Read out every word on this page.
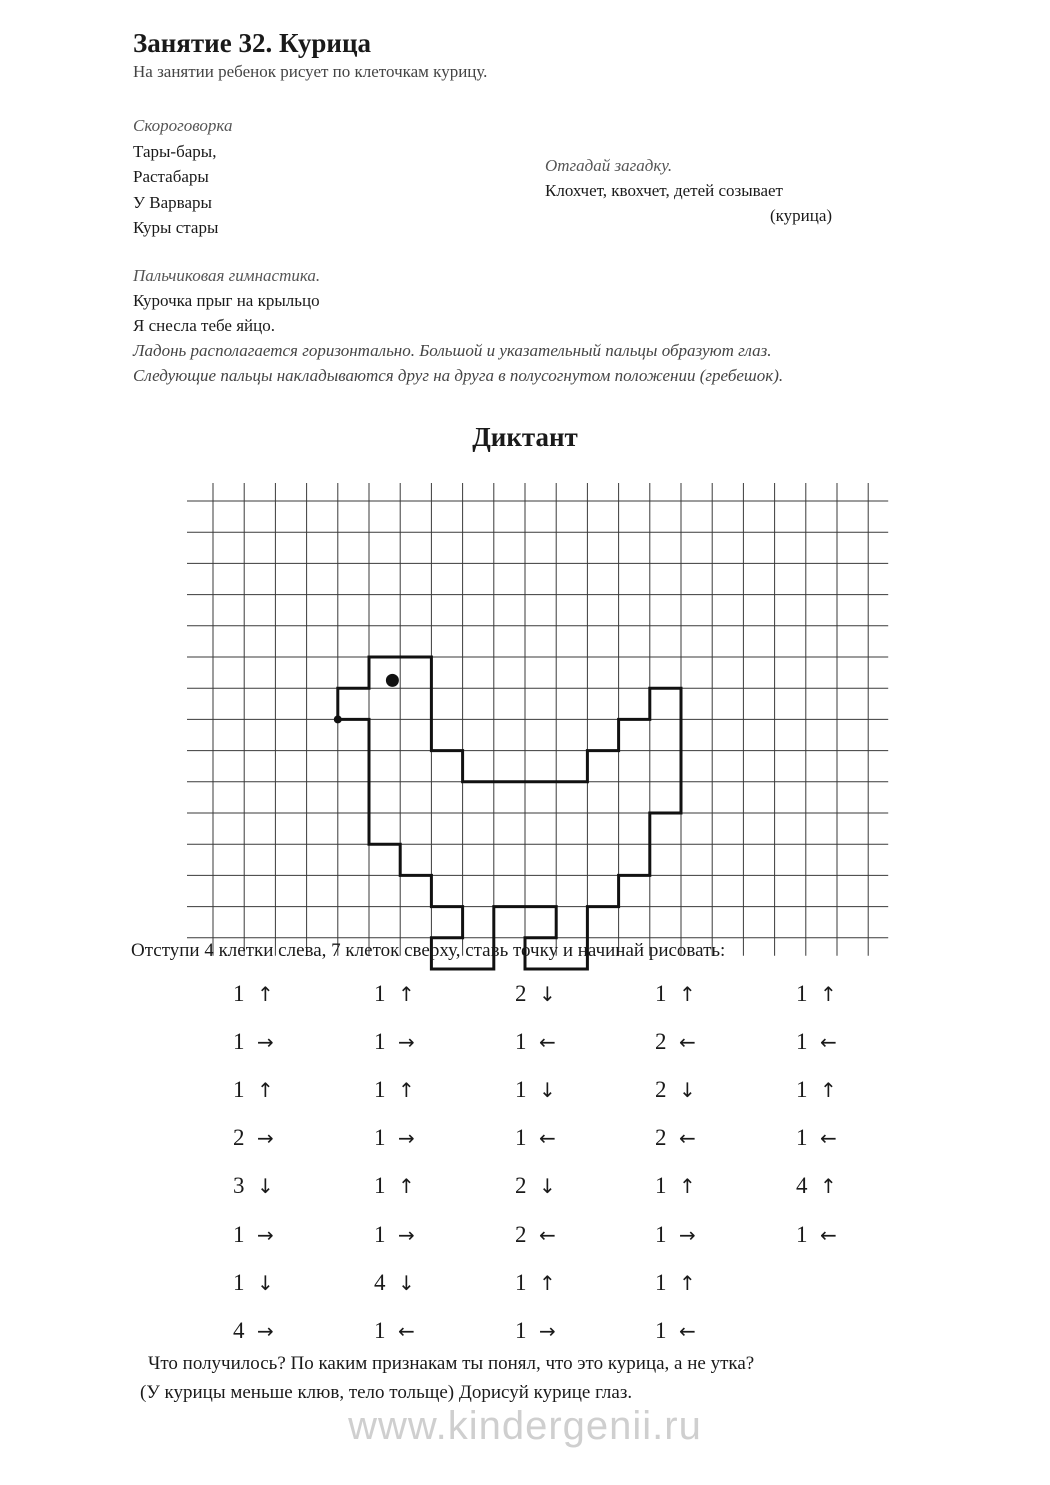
Занятие 32. Курица
На занятии ребенок рисует по клеточкам курицу.
Скороговорка
Тары-бары,
Растабары
У Варвары
Куры стары
Отгадай загадку.
Клохчет, квохчет, детей созывает
(курица)
Пальчиковая гимнастика.
Курочка прыг на крыльцо
Я снесла тебе яйцо.
Ладонь располагается горизонтально. Большой и указательный пальцы образуют глаз.
Следующие пальцы накладываются друг на друга в полусогнутом положении (гребешок).
Диктант
Отступи 4 клетки слева, 7 клеток сверху, ставь точку и начинай рисовать:
1 ↑
1 →
1 ↑
2 →
3 ↓
1 →
1 ↓
4 →
1 ↑
1 →
1 ↑
1 →
1 ↑
1 →
4 ↓
1 ←
2 ↓
1 ←
1 ↓
1 ←
2 ↓
2 ←
1 ↑
1 →
1 ↑
2 ←
2 ↓
2 ←
1 ↑
1 →
1 ↑
1 ←
1 ↑
1 ←
1 ↑
1 ←
4 ↑
1 ←
Что получилось? По каким признакам ты понял, что это курица, а не утка?
(У курицы меньше клюв, тело тольще) Дорисуй курице глаз.
www.kindergenii.ru
